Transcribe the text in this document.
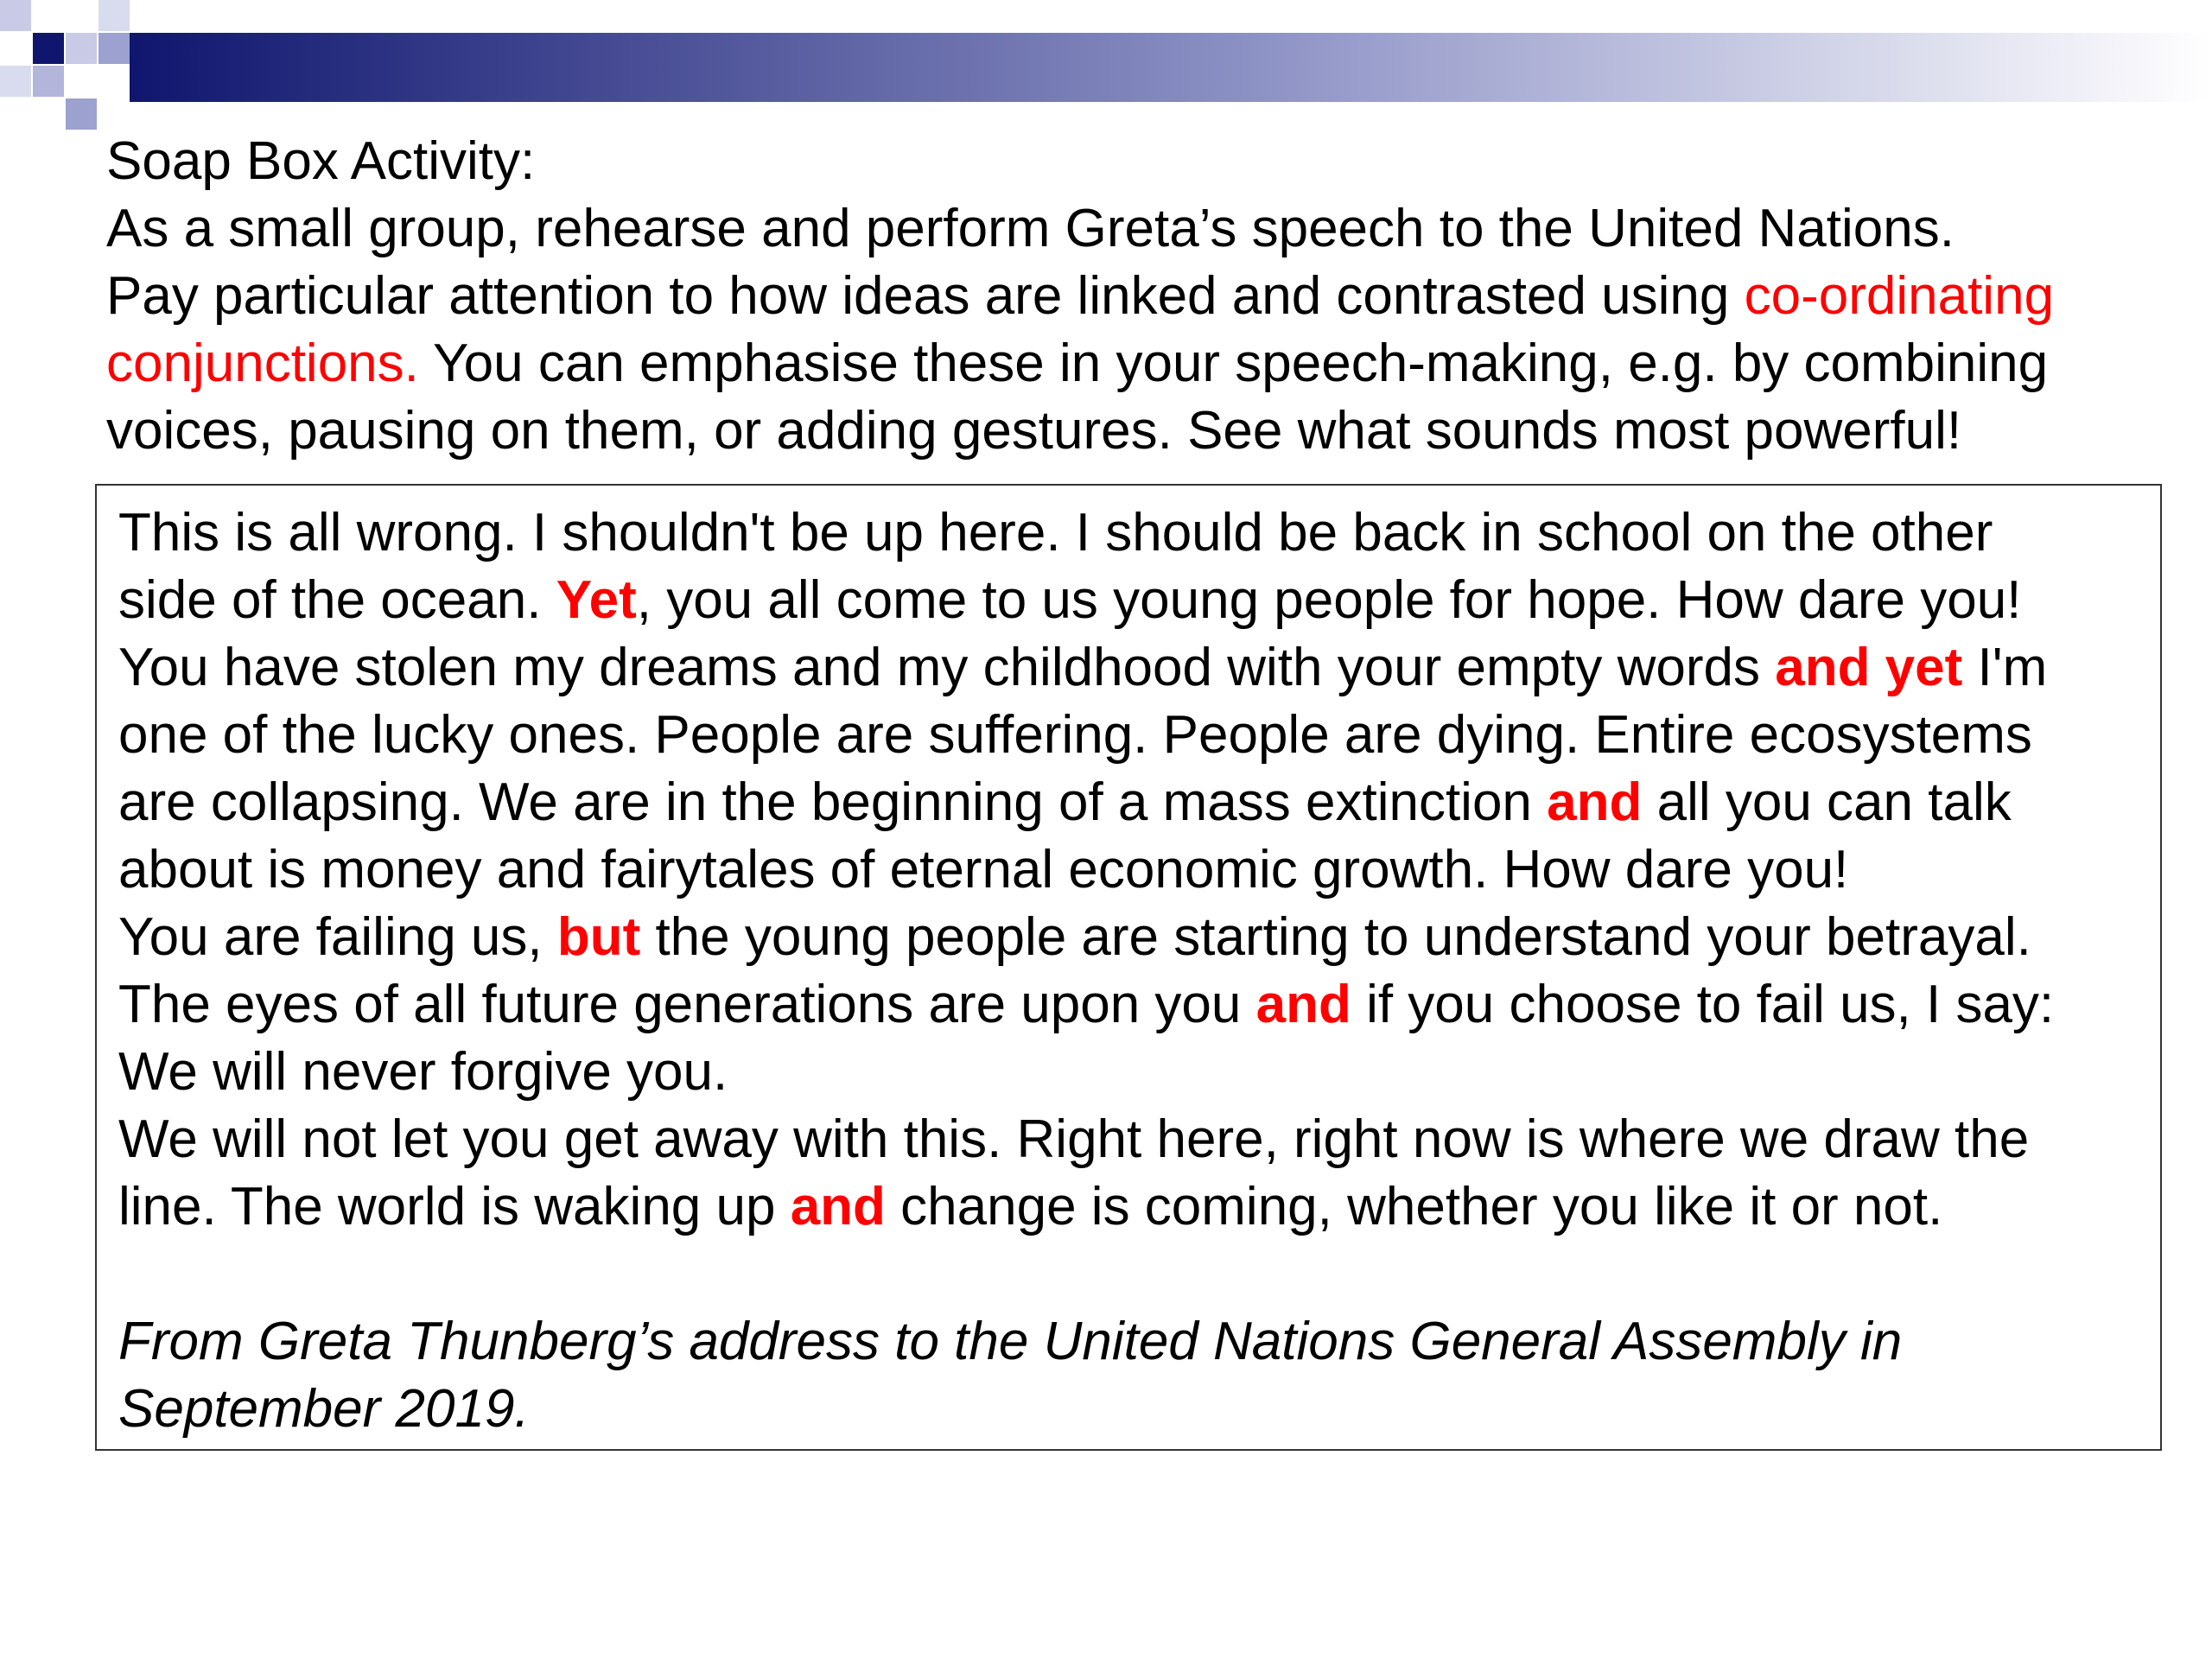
Soap Box Activity:
As a small group, rehearse and perform Greta’s speech to the United Nations.
Pay particular attention to how ideas are linked and contrasted using co-ordinating
conjunctions. You can emphasise these in your speech-making, e.g. by combining
voices, pausing on them, or adding gestures. See what sounds most powerful!
This is all wrong. I shouldn't be up here. I should be back in school on the other
side of the ocean. Yet, you all come to us young people for hope. How dare you!
You have stolen my dreams and my childhood with your empty words and yet I'm
one of the lucky ones. People are suffering. People are dying. Entire ecosystems
are collapsing. We are in the beginning of a mass extinction and all you can talk
about is money and fairytales of eternal economic growth. How dare you!
You are failing us, but the young people are starting to understand your betrayal.
The eyes of all future generations are upon you and if you choose to fail us, I say:
We will never forgive you.
We will not let you get away with this. Right here, right now is where we draw the
line. The world is waking up and change is coming, whether you like it or not.
From Greta Thunberg’s address to the United Nations General Assembly in
September 2019.
